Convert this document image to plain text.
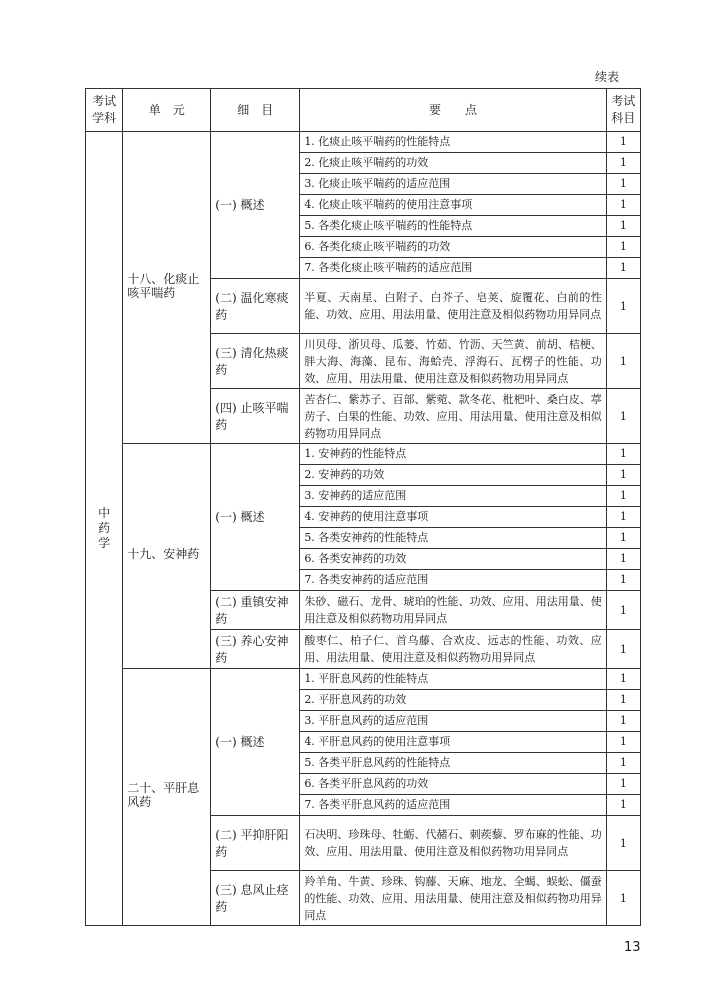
续表
考试学科	单　元	细　目	要　　点	考试科目
中药学	十八、化痰止咳平喘药	(一) 概述	1. 化痰止咳平喘药的性能特点	1
			2. 化痰止咳平喘药的功效	1
			3. 化痰止咳平喘药的适应范围	1
			4. 化痰止咳平喘药的使用注意事项	1
			5. 各类化痰止咳平喘药的性能特点	1
			6. 各类化痰止咳平喘药的功效	1
			7. 各类化痰止咳平喘药的适应范围	1
		(二) 温化寒痰药	半夏、天南星、白附子、白芥子、皂荚、旋覆花、白前的性能、功效、应用、用法用量、使用注意及相似药物功用异同点	1
		(三) 清化热痰药	川贝母、浙贝母、瓜蒌、竹茹、竹沥、天竺黄、前胡、桔梗、胖大海、海藻、昆布、海蛤壳、浮海石、瓦楞子的性能、功效、应用、用法用量、使用注意及相似药物功用异同点	1
		(四) 止咳平喘药	苦杏仁、紫苏子、百部、紫菀、款冬花、枇杷叶、桑白皮、葶苈子、白果的性能、功效、应用、用法用量、使用注意及相似药物功用异同点	1

	十九、安神药	(一) 概述	1. 安神药的性能特点	1
			2. 安神药的功效	1
			3. 安神药的适应范围	1
			4. 安神药的使用注意事项	1
			5. 各类安神药的性能特点	1
			6. 各类安神药的功效	1
			7. 各类安神药的适应范围	1
		(二) 重镇安神药	朱砂、磁石、龙骨、琥珀的性能、功效、应用、用法用量、使用注意及相似药物功用异同点	1
		(三) 养心安神药	酸枣仁、柏子仁、首乌藤、合欢皮、远志的性能、功效、应用、用法用量、使用注意及相似药物功用异同点	1

	二十、平肝息风药	(一) 概述	1. 平肝息风药的性能特点	1
			2. 平肝息风药的功效	1
			3. 平肝息风药的适应范围	1
			4. 平肝息风药的使用注意事项	1
			5. 各类平肝息风药的性能特点	1
			6. 各类平肝息风药的功效	1
			7. 各类平肝息风药的适应范围	1
		(二) 平抑肝阳药	石决明、珍珠母、牡蛎、代赭石、刺蒺藜、罗布麻的性能、功效、应用、用法用量、使用注意及相似药物功用异同点	1
		(三) 息风止痉药	羚羊角、牛黄、珍珠、钩藤、天麻、地龙、全蝎、蜈蚣、僵蚕的性能、功效、应用、用法用量、使用注意及相似药物功用异同点	1
13
